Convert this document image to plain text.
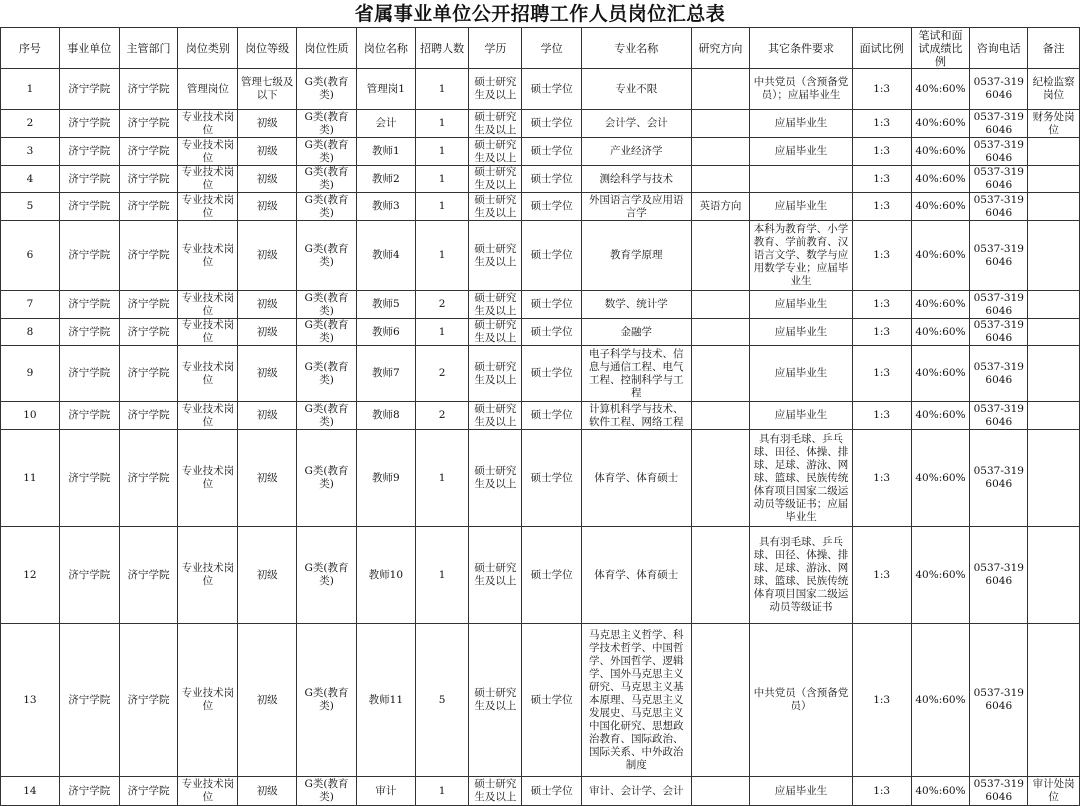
省属事业单位公开招聘工作人员岗位汇总表
序号	事业单位	主管部门	岗位类别	岗位等级	岗位性质	岗位名称	招聘人数	学历	学位	专业名称	研究方向	其它条件要求	面试比例	笔试和面试成绩比例	咨询电话	备注
1	济宁学院	济宁学院	管理岗位	管理七级及以下	G类(教育类)	管理岗1	1	硕士研究生及以上	硕士学位	专业不限		中共党员（含预备党员）；应届毕业生	1:3	40%:60%	0537-3196046	纪检监察岗位
2	济宁学院	济宁学院	专业技术岗位	初级	G类(教育类)	会计	1	硕士研究生及以上	硕士学位	会计学、会计		应届毕业生	1:3	40%:60%	0537-3196046	财务处岗位
3	济宁学院	济宁学院	专业技术岗位	初级	G类(教育类)	教师1	1	硕士研究生及以上	硕士学位	产业经济学		应届毕业生	1:3	40%:60%	0537-3196046	
4	济宁学院	济宁学院	专业技术岗位	初级	G类(教育类)	教师2	1	硕士研究生及以上	硕士学位	测绘科学与技术			1:3	40%:60%	0537-3196046	
5	济宁学院	济宁学院	专业技术岗位	初级	G类(教育类)	教师3	1	硕士研究生及以上	硕士学位	外国语言学及应用语言学	英语方向	应届毕业生	1:3	40%:60%	0537-3196046	
6	济宁学院	济宁学院	专业技术岗位	初级	G类(教育类)	教师4	1	硕士研究生及以上	硕士学位	教育学原理		本科为教育学、小学教育、学前教育、汉语言文学、数学与应用数学专业；应届毕业生	1:3	40%:60%	0537-3196046	
7	济宁学院	济宁学院	专业技术岗位	初级	G类(教育类)	教师5	2	硕士研究生及以上	硕士学位	数学、统计学		应届毕业生	1:3	40%:60%	0537-3196046	
8	济宁学院	济宁学院	专业技术岗位	初级	G类(教育类)	教师6	1	硕士研究生及以上	硕士学位	金融学		应届毕业生	1:3	40%:60%	0537-3196046	
9	济宁学院	济宁学院	专业技术岗位	初级	G类(教育类)	教师7	2	硕士研究生及以上	硕士学位	电子科学与技术、信息与通信工程、电气工程、控制科学与工程		应届毕业生	1:3	40%:60%	0537-3196046	
10	济宁学院	济宁学院	专业技术岗位	初级	G类(教育类)	教师8	2	硕士研究生及以上	硕士学位	计算机科学与技术、软件工程、网络工程		应届毕业生	1:3	40%:60%	0537-3196046	
11	济宁学院	济宁学院	专业技术岗位	初级	G类(教育类)	教师9	1	硕士研究生及以上	硕士学位	体育学、体育硕士		具有羽毛球、乒乓球、田径、体操、排球、足球、游泳、网球、篮球、民族传统体育项目国家二级运动员等级证书；应届毕业生	1:3	40%:60%	0537-3196046	
12	济宁学院	济宁学院	专业技术岗位	初级	G类(教育类)	教师10	1	硕士研究生及以上	硕士学位	体育学、体育硕士		具有羽毛球、乒乓球、田径、体操、排球、足球、游泳、网球、篮球、民族传统体育项目国家二级运动员等级证书	1:3	40%:60%	0537-3196046	
13	济宁学院	济宁学院	专业技术岗位	初级	G类(教育类)	教师11	5	硕士研究生及以上	硕士学位	马克思主义哲学、科学技术哲学、中国哲学、外国哲学、逻辑学、国外马克思主义研究、马克思主义基本原理、马克思主义发展史、马克思主义中国化研究、思想政治教育、国际政治、国际关系、中外政治制度		中共党员（含预备党员）	1:3	40%:60%	0537-3196046	
14	济宁学院	济宁学院	专业技术岗位	初级	G类(教育类)	审计	1	硕士研究生及以上	硕士学位	审计、会计学、会计		应届毕业生	1:3	40%:60%	0537-3196046	审计处岗位
